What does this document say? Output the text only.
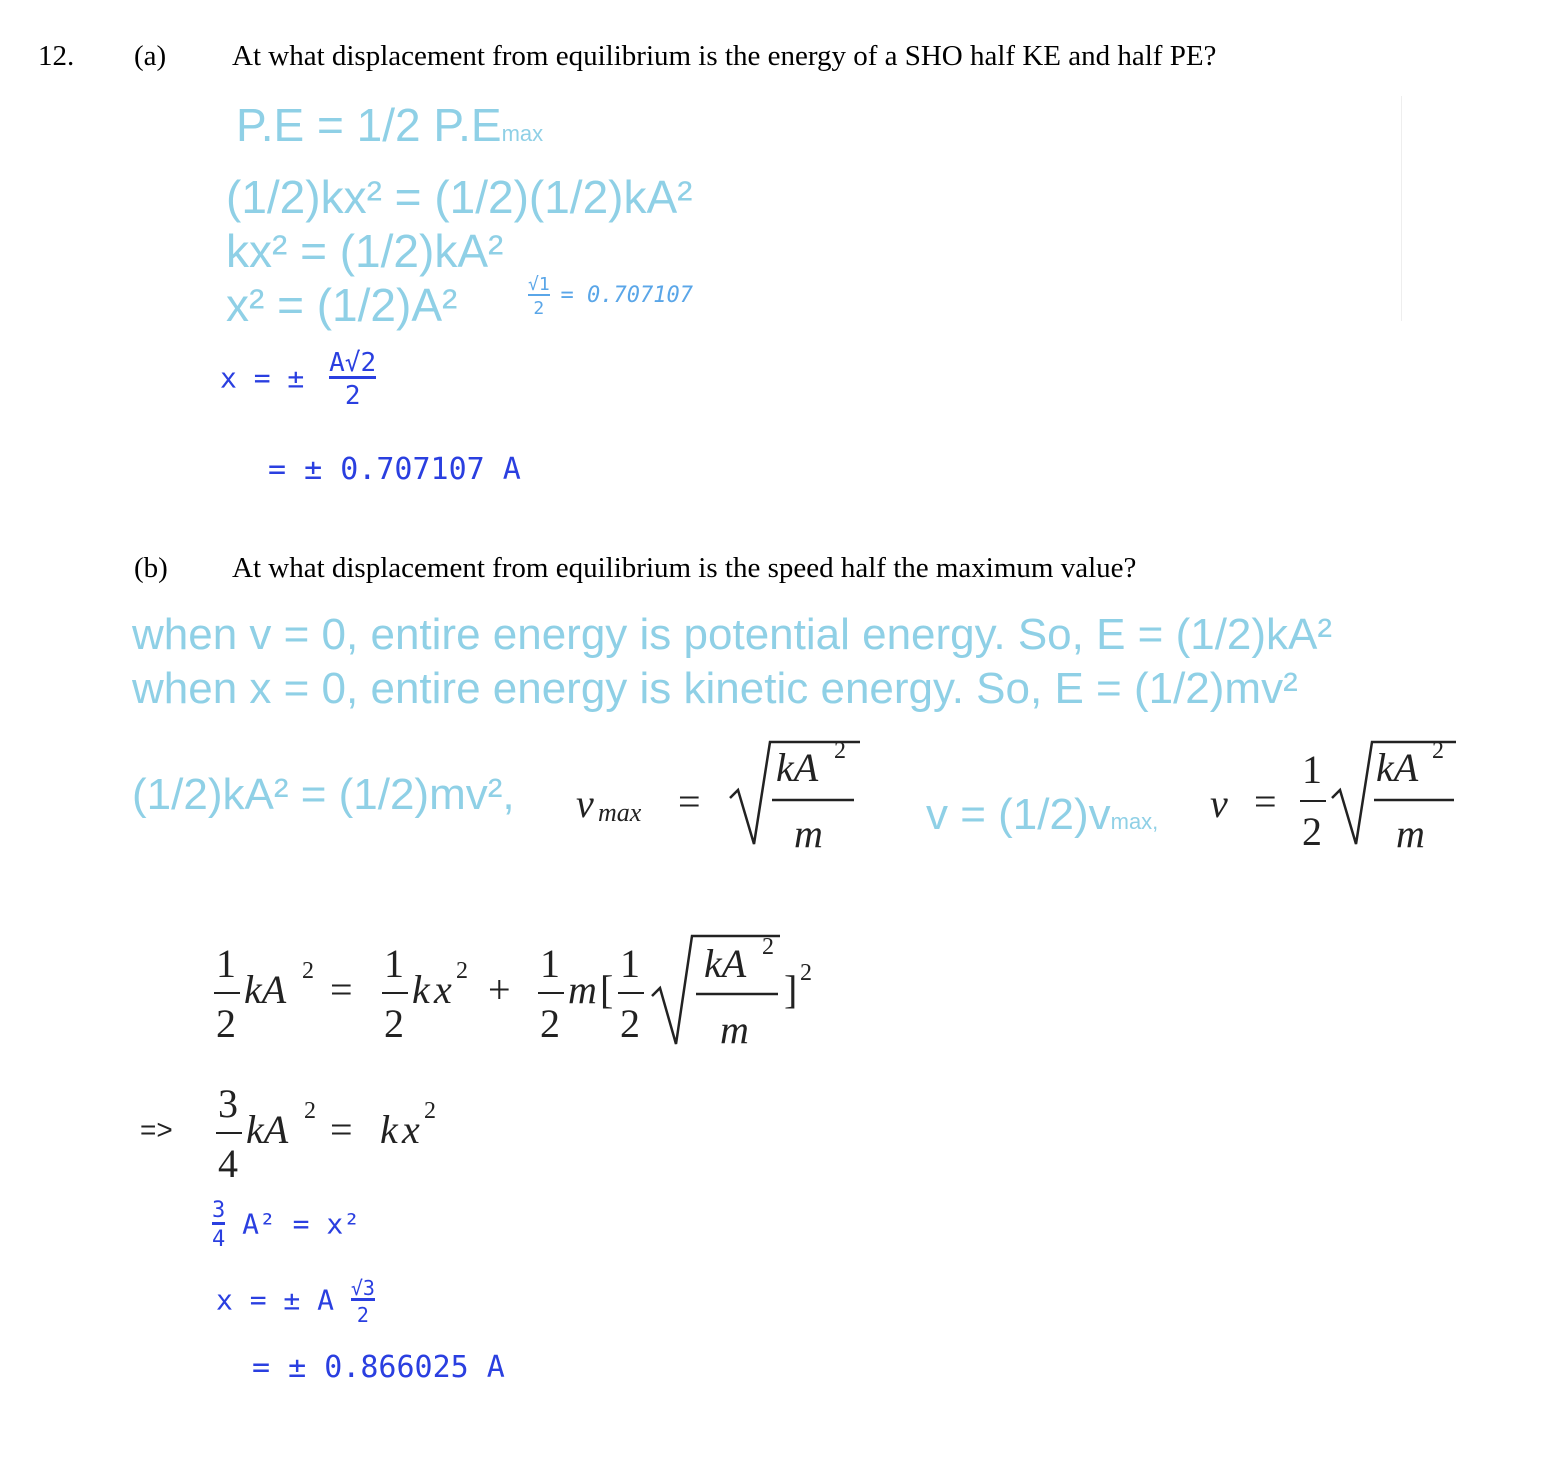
12. (a) At what displacement from equilibrium is the energy of a SHO half KE and half PE?
P.E = 1/2 P.Emax
(1/2)kx² = (1/2)(1/2)kA²
kx² = (1/2)kA²
x² = (1/2)A²	$\frac{√1}{2} = 0.707107$
x = ± $\frac{A√2}{2}$
= ± 0.707107 A
(b) At what displacement from equilibrium is the speed half the maximum value?
when v = 0, entire energy is potential energy. So, E = (1/2)kA²
when x = 0, entire energy is kinetic energy. So, E = (1/2)mv²
(1/2)kA² = (1/2)mv², v max =
kA 2
m v = (1/2)vmax, v =
1
2
kA 2
m
1
2
kA 2 =
1
2
k x 2 +
1
2
m [
1
2
kA 2
m
] 2
=>
3
4
kA 2 = k x 2
$\frac{3}{4} A^2 = x^2$
x = ± A $\frac{√3}{2}$
= ± 0.866025 A
